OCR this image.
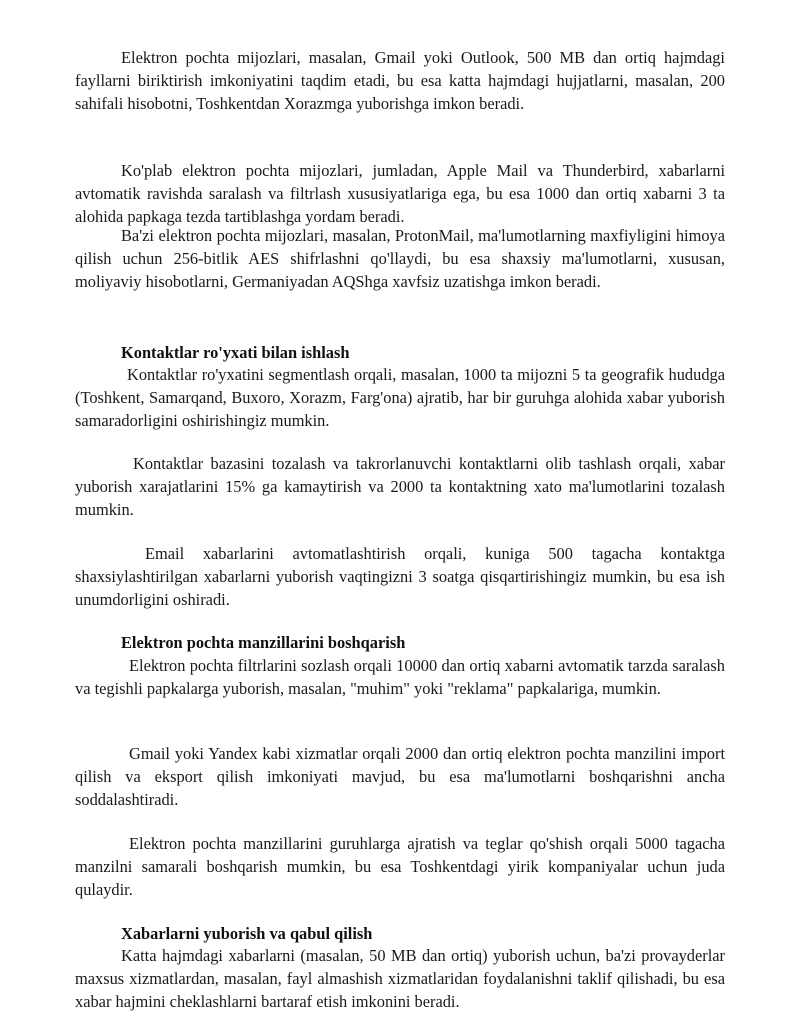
Elektron pochta mijozlari, masalan, Gmail yoki Outlook, 500 MB dan ortiq hajmdagi fayllarni biriktirish imkoniyatini taqdim etadi, bu esa katta hajmdagi hujjatlarni, masalan, 200 sahifali hisobotni, Toshkentdan Xorazmga yuborishga imkon beradi.

Ko'plab elektron pochta mijozlari, jumladan, Apple Mail va Thunderbird, xabarlarni avtomatik ravishda saralash va filtrlash xususiyatlariga ega, bu esa 1000 dan ortiq xabarni 3 ta alohida papkaga tezda tartiblashga yordam beradi.

Ba'zi elektron pochta mijozlari, masalan, ProtonMail, ma'lumotlarning maxfiyligini himoya qilish uchun 256-bitlik AES shifrlashni qo'llaydi, bu esa shaxsiy ma'lumotlarni, xususan, moliyaviy hisobotlarni, Germaniyadan AQShga xavfsiz uzatishga imkon beradi.

Kontaktlar ro'yxati bilan ishlash

Kontaktlar ro'yxatini segmentlash orqali, masalan, 1000 ta mijozni 5 ta geografik hududga (Toshkent, Samarqand, Buxoro, Xorazm, Farg'ona) ajratib, har bir guruhga alohida xabar yuborish samaradorligini oshirishingiz mumkin.

Kontaktlar bazasini tozalash va takrorlanuvchi kontaktlarni olib tashlash orqali, xabar yuborish xarajatlarini 15% ga kamaytirish va 2000 ta kontaktning xato ma'lumotlarini tozalash mumkin.

Email xabarlarini avtomatlashtirish orqali, kuniga 500 tagacha kontaktga shaxsiylashtirilgan xabarlarni yuborish vaqtingizni 3 soatga qisqartirishingiz mumkin, bu esa ish unumdorligini oshiradi.

Elektron pochta manzillarini boshqarish

Elektron pochta filtrlarini sozlash orqali 10000 dan ortiq xabarni avtomatik tarzda saralash va tegishli papkalarga yuborish, masalan, "muhim" yoki "reklama" papkalariga, mumkin.

Gmail yoki Yandex kabi xizmatlar orqali 2000 dan ortiq elektron pochta manzilini import qilish va eksport qilish imkoniyati mavjud, bu esa ma'lumotlarni boshqarishni ancha soddalashtiradi.

Elektron pochta manzillarini guruhlarga ajratish va teglar qo'shish orqali 5000 tagacha manzilni samarali boshqarish mumkin, bu esa Toshkentdagi yirik kompaniyalar uchun juda qulaydir.

Xabarlarni yuborish va qabul qilish

Katta hajmdagi xabarlarni (masalan, 50 MB dan ortiq) yuborish uchun, ba'zi provayderlar maxsus xizmatlardan, masalan, fayl almashish xizmatlaridan foydalanishni taklif qilishadi, bu esa xabar hajmini cheklashlarni bartaraf etish imkonini beradi.
